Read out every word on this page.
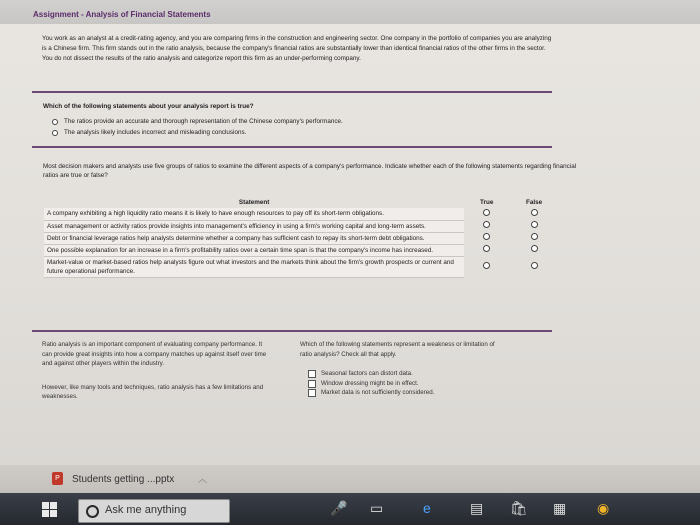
Assignment - Analysis of Financial Statements
You work as an analyst at a credit-rating agency, and you are comparing firms in the construction and engineering sector. One company in the portfolio of companies you are analyzing is a Chinese firm. This firm stands out in the ratio analysis, because the company's financial ratios are substantially lower than identical financial ratios of the other firms in the sector. You do not dissect the results of the ratio analysis and categorize report this firm as an under-performing company.
Which of the following statements about your analysis report is true?
The ratios provide an accurate and thorough representation of the Chinese company's performance.
The analysis likely includes incorrect and misleading conclusions.
Most decision makers and analysts use five groups of ratios to examine the different aspects of a company's performance. Indicate whether each of the following statements regarding financial ratios are true or false?
Statement	True	False
A company exhibiting a high liquidity ratio means it is likely to have enough resources to pay off its short-term obligations.		
Asset management or activity ratios provide insights into management's efficiency in using a firm's working capital and long-term assets.		
Debt or financial leverage ratios help analysts determine whether a company has sufficient cash to repay its short-term debt obligations.		
One possible explanation for an increase in a firm's profitability ratios over a certain time span is that the company's income has increased.		
Market-value or market-based ratios help analysts figure out what investors and the markets think about the firm's growth prospects or current and future operational performance.		
Ratio analysis is an important component of evaluating company performance. It can provide great insights into how a company matches up against itself over time and against other players within the industry.
However, like many tools and techniques, ratio analysis has a few limitations and weaknesses.
Which of the following statements represent a weakness or limitation of ratio analysis? Check all that apply.
Seasonal factors can distort data.
Window dressing might be in effect.
Market data is not sufficiently considered.
P	Students getting ...pptx	︿
Ask me anything	🎤 ▭	e	▤ 🛍 ▦ ◉
